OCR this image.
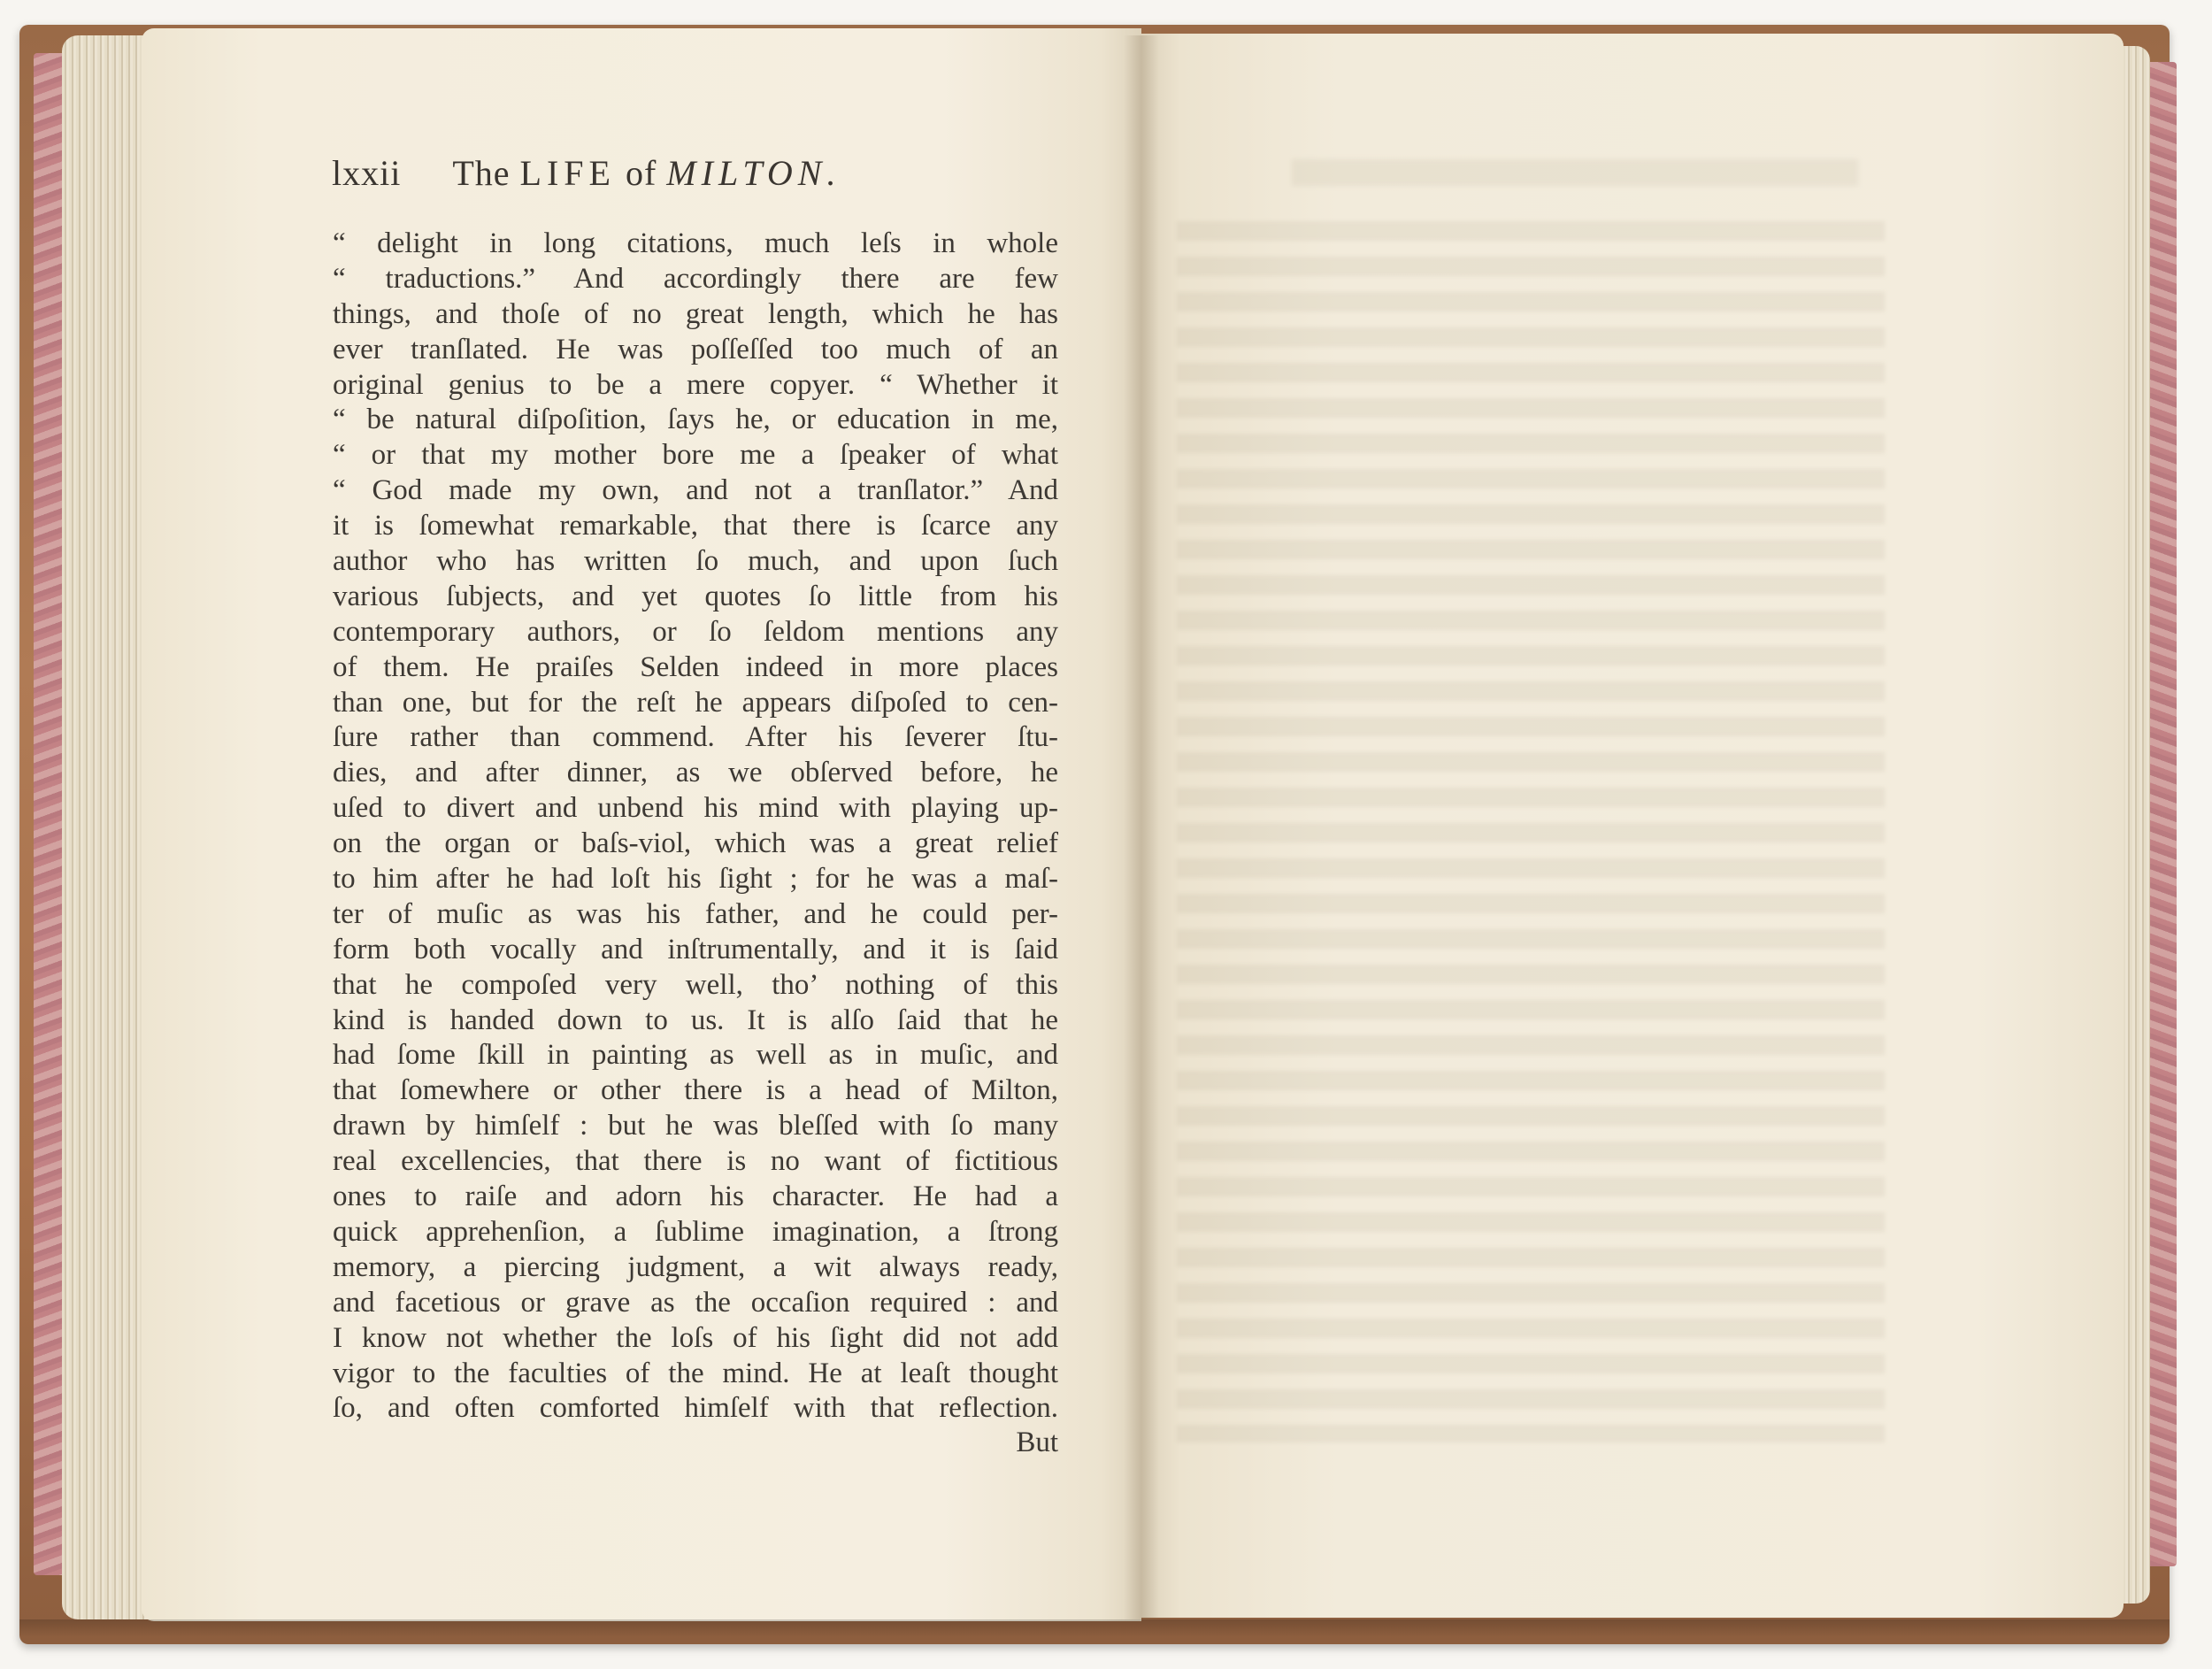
lxxii The LIFE of MILTON.
“ delight in long citations, much leſs in whole
“ traductions.” And accordingly there are few
things, and thoſe of no great length, which he has
ever tranſlated. He was poſſeſſed too much of an
original genius to be a mere copyer. “ Whether it
“ be natural diſpoſition, ſays he, or education in me,
“ or that my mother bore me a ſpeaker of what
“ God made my own, and not a tranſlator.” And
it is ſomewhat remarkable, that there is ſcarce any
author who has written ſo much, and upon ſuch
various ſubjects, and yet quotes ſo little from his
contemporary authors, or ſo ſeldom mentions any
of them. He praiſes Selden indeed in more places
than one, but for the reſt he appears diſpoſed to cen-
ſure rather than commend. After his ſeverer ſtu-
dies, and after dinner, as we obſerved before, he
uſed to divert and unbend his mind with playing up-
on the organ or baſs-viol, which was a great relief
to him after he had loſt his ſight ; for he was a maſ-
ter of muſic as was his father, and he could per-
form both vocally and inſtrumentally, and it is ſaid
that he compoſed very well, tho’ nothing of this
kind is handed down to us. It is alſo ſaid that he
had ſome ſkill in painting as well as in muſic, and
that ſomewhere or other there is a head of Milton,
drawn by himſelf : but he was bleſſed with ſo many
real excellencies, that there is no want of fictitious
ones to raiſe and adorn his character. He had a
quick apprehenſion, a ſublime imagination, a ſtrong
memory, a piercing judgment, a wit always ready,
and facetious or grave as the occaſion required : and
I know not whether the loſs of his ſight did not add
vigor to the faculties of the mind. He at leaſt thought
ſo, and often comforted himſelf with that reflection.
But
